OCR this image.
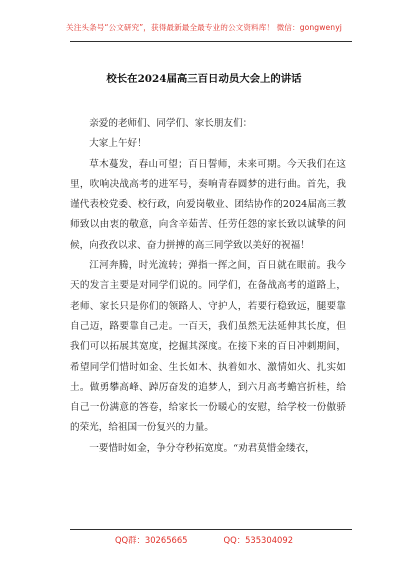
关注头条号“公文研究”，获得最新最全最专业的公文资料库！ 微信：gongwenyj
校长在2024届高三百日动员大会上的讲话

亲爱的老师们、同学们、家长朋友们：

大家上午好！

草木蔓发，春山可望；百日誓师，未来可期。今天我们在这里，吹响决战高考的进军号，奏响青春圆梦的进行曲。首先，我谨代表校党委、校行政，向爱岗敬业、团结协作的2024届高三教师致以由衷的敬意，向含辛茹苦、任劳任怨的家长致以诚挚的问候，向孜孜以求、奋力拼搏的高三同学致以美好的祝福！

江河奔腾，时光流转；弹指一挥之间，百日就在眼前。我今天的发言主要是对同学们说的。同学们，在备战高考的道路上，老师、家长只是你们的领路人、守护人，若要行稳致远，腿要靠自己迈，路要靠自己走。一百天，我们虽然无法延伸其长度，但我们可以拓展其宽度，挖掘其深度。在接下来的百日冲刺期间，希望同学们惜时如金、生长如木、执着如水、激情如火、扎实如土。做勇攀高峰、踔厉奋发的追梦人，到六月高考蟾宫折桂，给自己一份满意的答卷，给家长一份暖心的安慰，给学校一份傲骄的荣光，给祖国一份复兴的力量。

一要惜时如金，争分夺秒拓宽度。“劝君莫惜金缕衣，

QQ群：30265665	QQ：535304092
